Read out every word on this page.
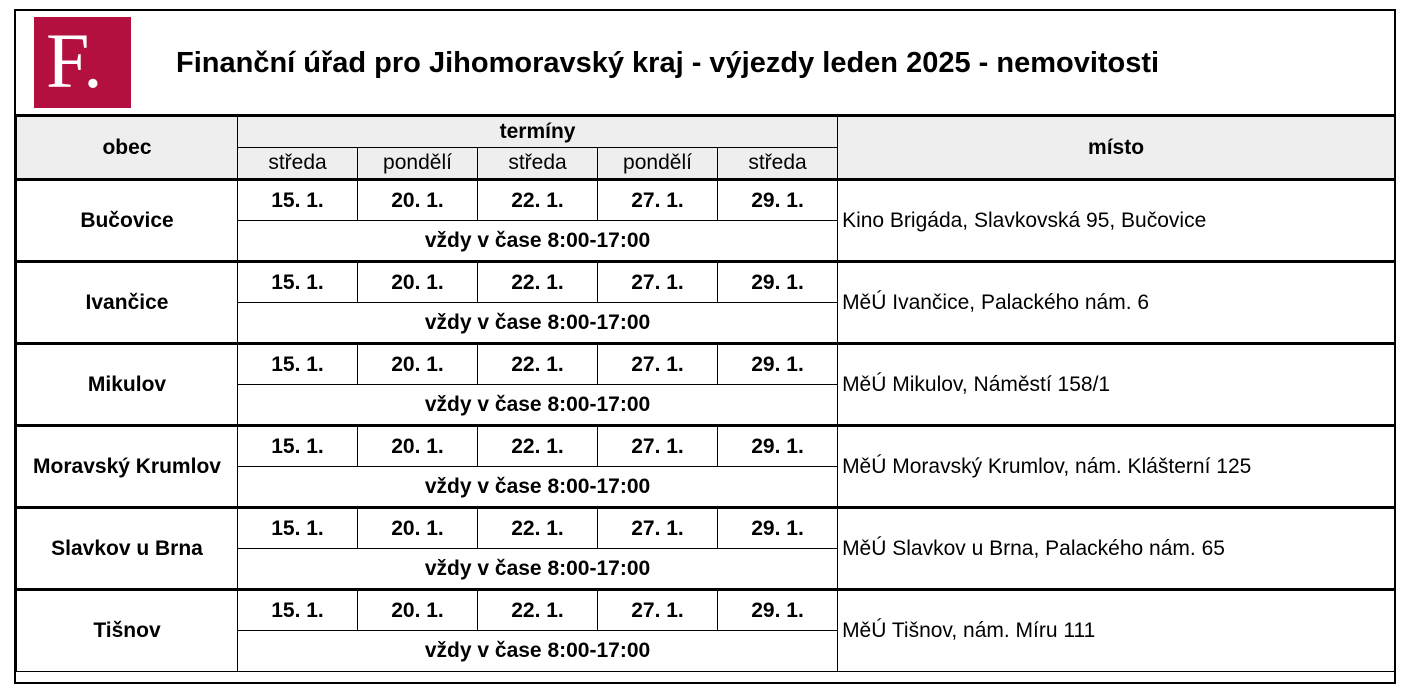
F.	Finanční úřad pro Jihomoravský kraj - výjezdy leden 2025 - nemovitosti
obec	termíny					místo
	středa	pondělí	středa	pondělí	středa	
Bučovice	15. 1.	20. 1.	22. 1.	27. 1.	29. 1.	Kino Brigáda, Slavkovská 95, Bučovice
	vždy v čase 8:00-17:00					
Ivančice	15. 1.	20. 1.	22. 1.	27. 1.	29. 1.	MěÚ Ivančice, Palackého nám. 6
	vždy v čase 8:00-17:00					
Mikulov	15. 1.	20. 1.	22. 1.	27. 1.	29. 1.	MěÚ Mikulov, Náměstí 158/1
	vždy v čase 8:00-17:00					
Moravský Krumlov	15. 1.	20. 1.	22. 1.	27. 1.	29. 1.	MěÚ Moravský Krumlov, nám. Klášterní 125
	vždy v čase 8:00-17:00					
Slavkov u Brna	15. 1.	20. 1.	22. 1.	27. 1.	29. 1.	MěÚ Slavkov u Brna, Palackého nám. 65
	vždy v čase 8:00-17:00					
Tišnov	15. 1.	20. 1.	22. 1.	27. 1.	29. 1.	MěÚ Tišnov, nám. Míru 111
	vždy v čase 8:00-17:00					
